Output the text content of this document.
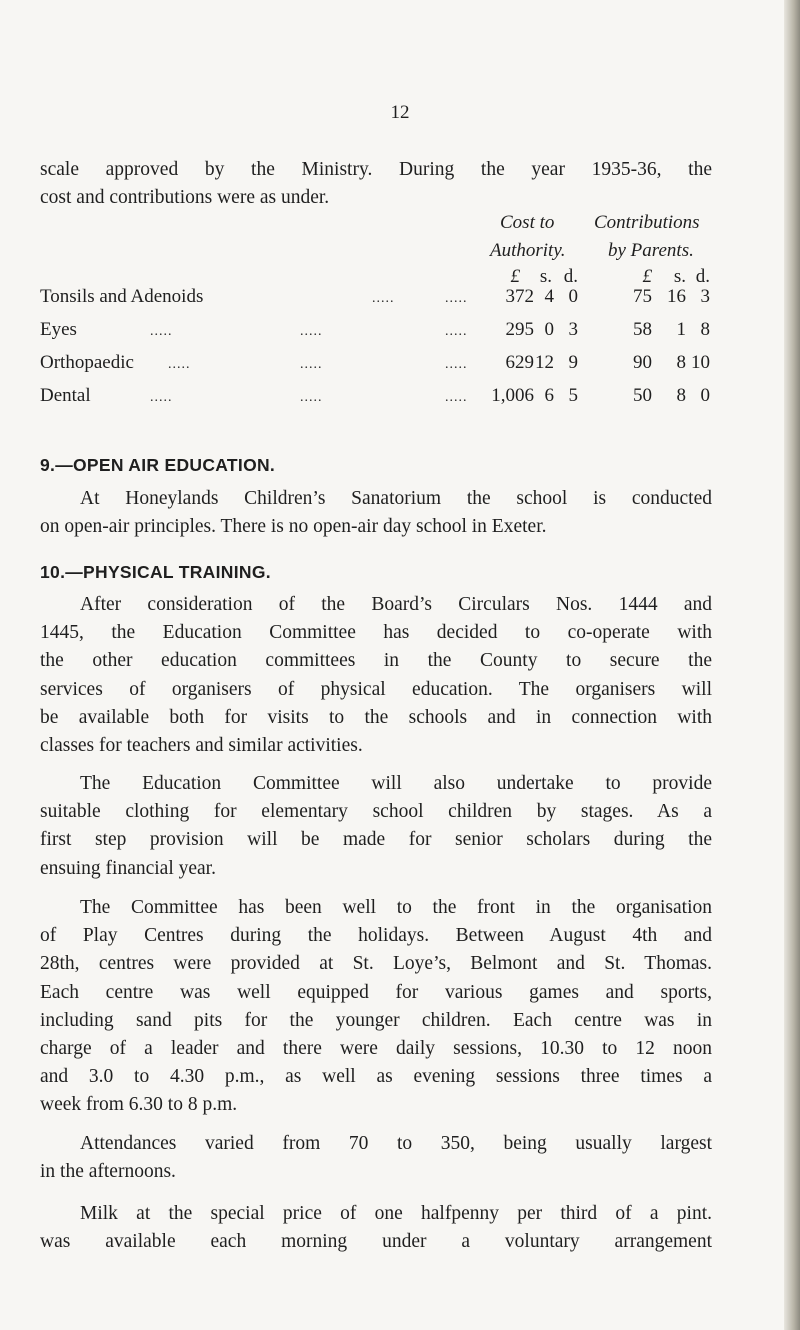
12
scale approved by the Ministry. During the year 1935-36, the
cost and contributions were as under.
Cost to	Contributions
Authority.	by Parents.
£	s. d.	£	s. d.
Tonsils and Adenoids	.....	.....	372 4 0	75 16 3
Eyes	.....	.....	.....	295 0 3	58	1 8
Orthopaedic .....	.....	.....	629 12 9	90	8 10
Dental	.....	.....	.....	1,006 6 5	50	8 0
9.—OPEN AIR EDUCATION.
At Honeylands Children’s Sanatorium the school is conducted
on open-air principles. There is no open-air day school in Exeter.
10.—PHYSICAL TRAINING.
After consideration of the Board’s Circulars Nos. 1444 and
1445, the Education Committee has decided to co-operate with
the other education committees in the County to secure the
services of organisers of physical education. The organisers will
be available both for visits to the schools and in connection with
classes for teachers and similar activities.
The Education Committee will also undertake to provide
suitable clothing for elementary school children by stages. As a
first step provision will be made for senior scholars during the
ensuing financial year.
The Committee has been well to the front in the organisation
of Play Centres during the holidays. Between August 4th and
28th, centres were provided at St. Loye’s, Belmont and St. Thomas.
Each centre was well equipped for various games and sports,
including sand pits for the younger children. Each centre was in
charge of a leader and there were daily sessions, 10.30 to 12 noon
and 3.0 to 4.30 p.m., as well as evening sessions three times a
week from 6.30 to 8 p.m.
Attendances varied from 70 to 350, being usually largest
in the afternoons.
Milk at the special price of one halfpenny per third of a pint.
was available each morning under a voluntary arrangement
